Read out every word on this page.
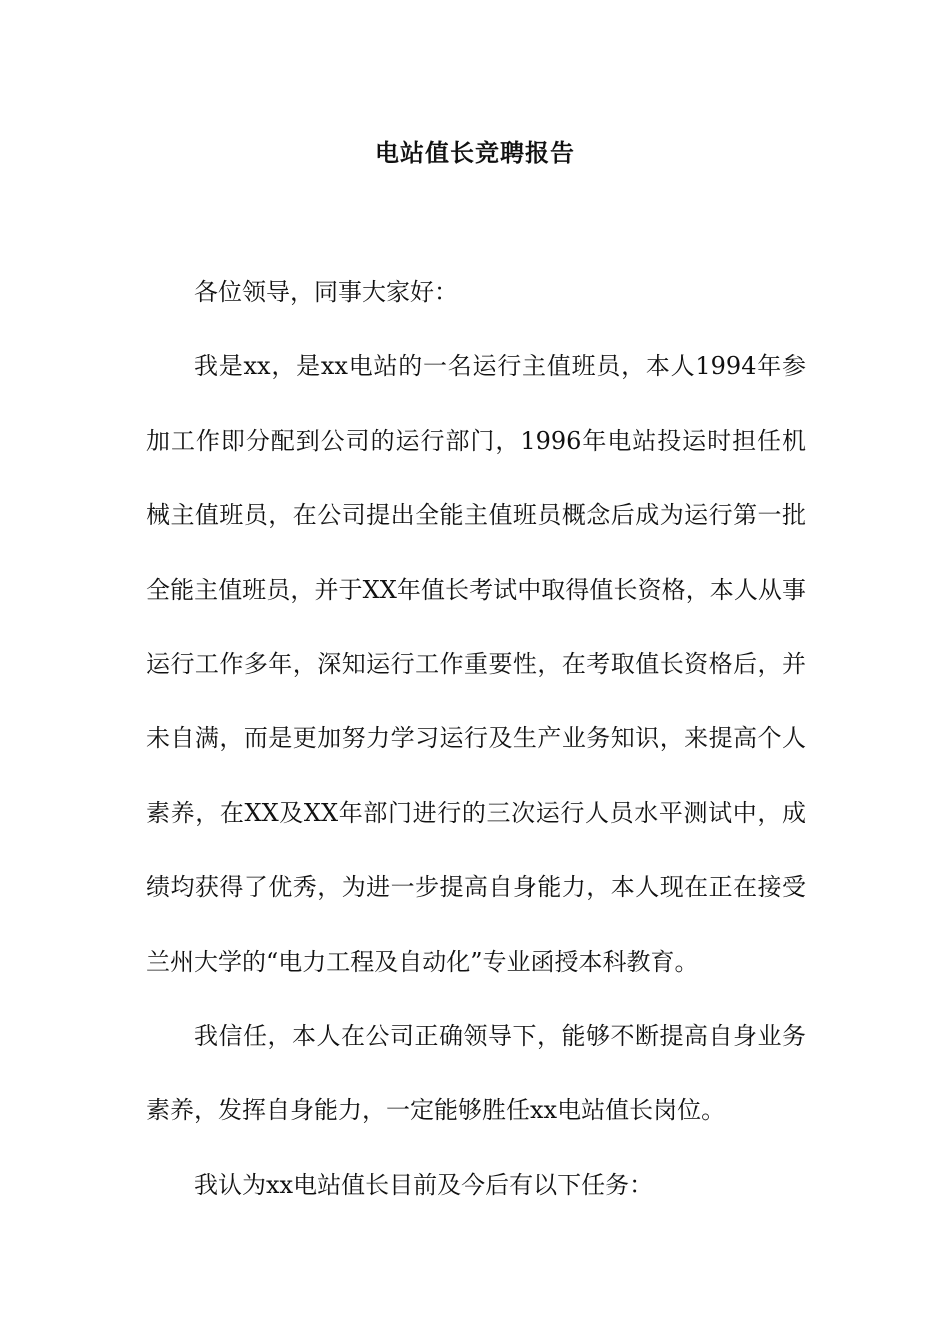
电站值长竞聘报告

各位领导，同事大家好：

我是xx，是xx电站的一名运行主值班员，本人1994年参加工作即分配到公司的运行部门，1996年电站投运时担任机械主值班员，在公司提出全能主值班员概念后成为运行第一批全能主值班员，并于XX年值长考试中取得值长资格，本人从事运行工作多年，深知运行工作重要性，在考取值长资格后，并未自满，而是更加努力学习运行及生产业务知识，来提高个人素养，在XX及XX年部门进行的三次运行人员水平测试中，成绩均获得了优秀，为进一步提高自身能力，本人现在正在接受兰州大学的“电力工程及自动化”专业函授本科教育。

我信任，本人在公司正确领导下，能够不断提高自身业务素养，发挥自身能力，一定能够胜任xx电站值长岗位。

我认为xx电站值长目前及今后有以下任务：
